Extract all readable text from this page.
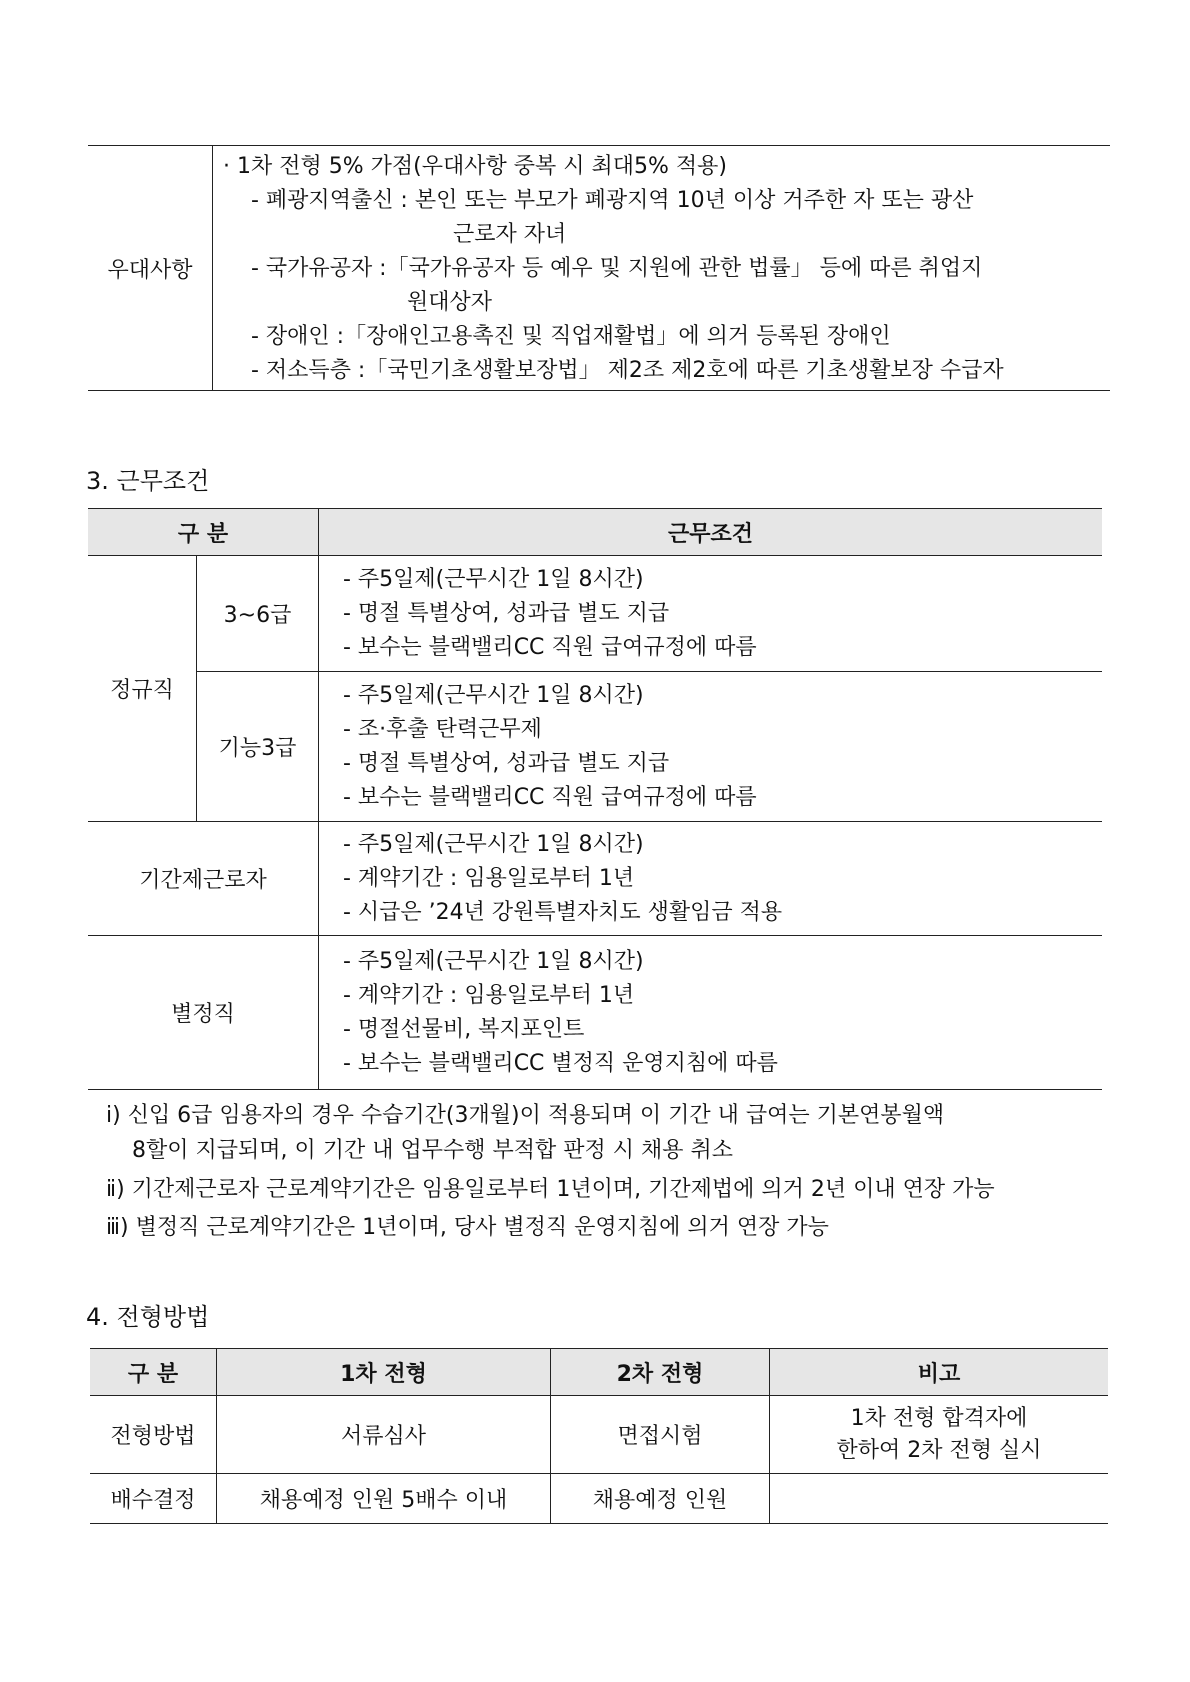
우대사항	
· 1차 전형 5% 가점(우대사항 중복 시 최대5% 적용)
- 폐광지역출신 : 본인 또는 부모가 폐광지역 10년 이상 거주한 자 또는 광산
근로자 자녀
- 국가유공자 :「국가유공자 등 예우 및 지원에 관한 법률」 등에 따른 취업지
원대상자
- 장애인 :「장애인고용촉진 및 직업재활법」에 의거 등록된 장애인
- 저소득층 :「국민기초생활보장법」 제2조 제2호에 따른 기초생활보장 수급자
3. 근무조건
구 분		근무조건
정규직	3~6급	- 주5일제(근무시간 1일 8시간)
- 명절 특별상여, 성과급 별도 지급
- 보수는 블랙밸리CC 직원 급여규정에 따름

	기능3급	- 주5일제(근무시간 1일 8시간)
- 조·후출 탄력근무제
- 명절 특별상여, 성과급 별도 지급
- 보수는 블랙밸리CC 직원 급여규정에 따름

기간제근로자		- 주5일제(근무시간 1일 8시간)
- 계약기간 : 임용일로부터 1년
- 시급은 ’24년 강원특별자치도 생활임금 적용

별정직		- 주5일제(근무시간 1일 8시간)
- 계약기간 : 임용일로부터 1년
- 명절선물비, 복지포인트
- 보수는 블랙밸리CC 별정직 운영지침에 따름
ⅰ) 신입 6급 임용자의 경우 수습기간(3개월)이 적용되며 이 기간 내 급여는 기본연봉월액
8할이 지급되며, 이 기간 내 업무수행 부적합 판정 시 채용 취소
ⅱ) 기간제근로자 근로계약기간은 임용일로부터 1년이며, 기간제법에 의거 2년 이내 연장 가능
ⅲ) 별정직 근로계약기간은 1년이며, 당사 별정직 운영지침에 의거 연장 가능
4. 전형방법
구 분	1차 전형	2차 전형	비고
전형방법	서류심사	면접시험	1차 전형 합격자에
한하여 2차 전형 실시

배수결정	채용예정 인원 5배수 이내	채용예정 인원	
